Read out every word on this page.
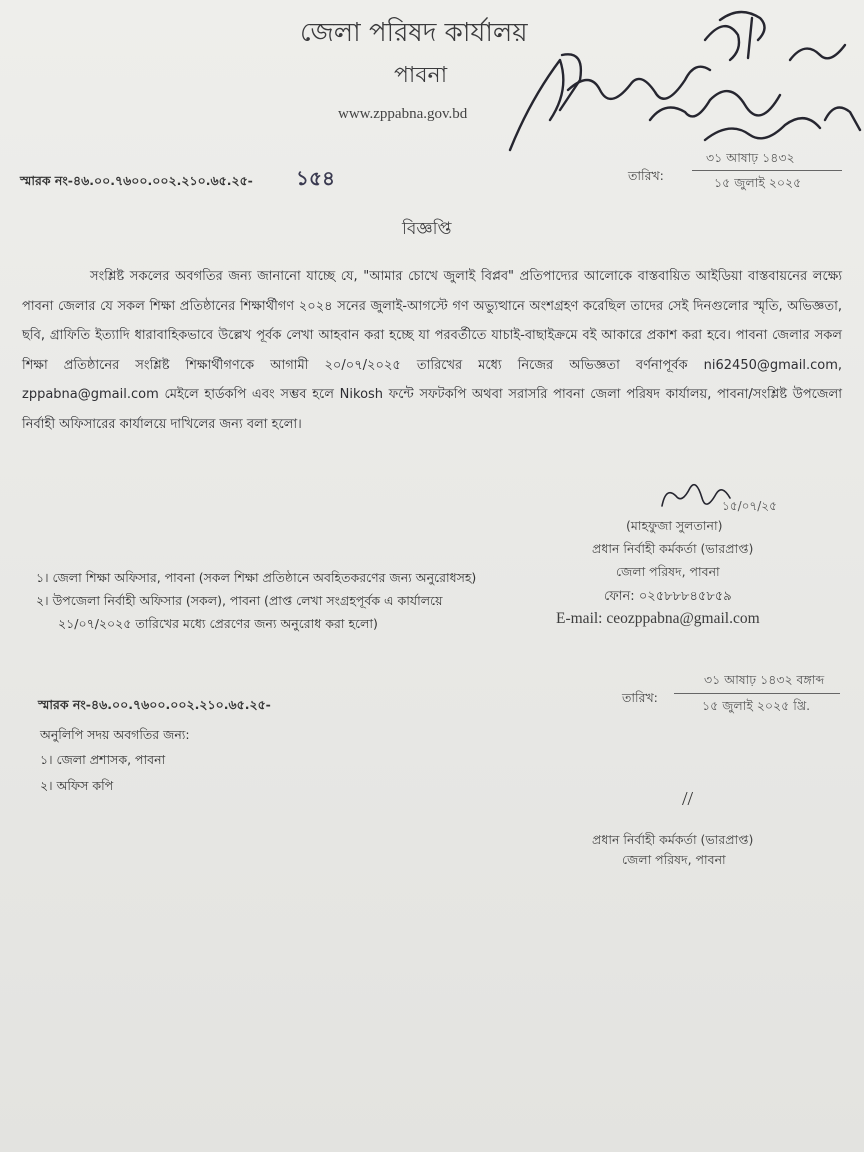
জেলা পরিষদ কার্যালয়
পাবনা
www.zppabna.gov.bd
স্মারক নং-৪৬.০০.৭৬০০.০০২.২১০.৬৫.২৫- ১৫৪	তারিখ:
৩১ আষাঢ় ১৪৩২
১৫ জুলাই ২০২৫
বিজ্ঞপ্তি
সংশ্লিষ্ট সকলের অবগতির জন্য জানানো যাচ্ছে যে, "আমার চোখে জুলাই বিপ্লব" প্রতিপাদ্যের আলোকে বাস্তবায়িত আইডিয়া বাস্তবায়নের লক্ষ্যে পাবনা জেলার যে সকল শিক্ষা প্রতিষ্ঠানের শিক্ষার্থীগণ ২০২৪ সনের জুলাই-আগস্টে গণ অভ্যুত্থানে অংশগ্রহণ করেছিল তাদের সেই দিনগুলোর স্মৃতি, অভিজ্ঞতা, ছবি, গ্রাফিতি ইত্যাদি ধারাবাহিকভাবে উল্লেখ পূর্বক লেখা আহবান করা হচ্ছে যা পরবর্তীতে যাচাই-বাছাইক্রমে বই আকারে প্রকাশ করা হবে। পাবনা জেলার সকল শিক্ষা প্রতিষ্ঠানের সংশ্লিষ্ট শিক্ষার্থীগণকে আগামী ২০/০৭/২০২৫ তারিখের মধ্যে নিজের অভিজ্ঞতা বর্ণনাপূর্বক ni62450@gmail.com, zppabna@gmail.com মেইলে হার্ডকপি এবং সম্ভব হলে Nikosh ফন্টে সফটকপি অথবা সরাসরি পাবনা জেলা পরিষদ কার্যালয়, পাবনা/সংশ্লিষ্ট উপজেলা নির্বাহী অফিসারের কার্যালয়ে দাখিলের জন্য বলা হলো।
১৫/০৭/২৫
(মাহফুজা সুলতানা)
প্রধান নির্বাহী কর্মকর্তা (ভারপ্রাপ্ত)
জেলা পরিষদ, পাবনা
ফোন: ০২৫৮৮৮৪৫৮৫৯
E-mail: ceozppabna@gmail.com
১। জেলা শিক্ষা অফিসার, পাবনা (সকল শিক্ষা প্রতিষ্ঠানে অবহিতকরণের জন্য অনুরোধসহ)
২। উপজেলা নির্বাহী অফিসার (সকল), পাবনা (প্রাপ্ত লেখা সংগ্রহপূর্বক এ কার্যালয়ে
২১/০৭/২০২৫ তারিখের মধ্যে প্রেরণের জন্য অনুরোধ করা হলো)
স্মারক নং-৪৬.০০.৭৬০০.০০২.২১০.৬৫.২৫-	তারিখ:
৩১ আষাঢ় ১৪৩২ বঙ্গাব্দ
১৫ জুলাই ২০২৫ খ্রি.
অনুলিপি সদয় অবগতির জন্য:
১। জেলা প্রশাসক, পাবনা
২। অফিস কপি
//
প্রধান নির্বাহী কর্মকর্তা (ভারপ্রাপ্ত)
জেলা পরিষদ, পাবনা
